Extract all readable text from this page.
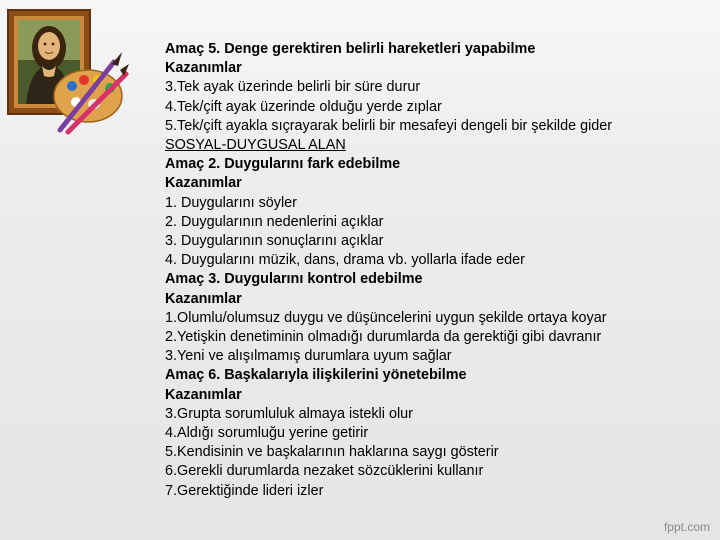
Amaç 5. Denge gerektiren belirli hareketleri yapabilme

Kazanımlar

3.Tek ayak üzerinde belirli bir süre durur

4.Tek/çift ayak üzerinde olduğu yerde zıplar

5.Tek/çift ayakla sıçrayarak belirli bir mesafeyi dengeli bir şekilde gider

SOSYAL-DUYGUSAL ALAN

Amaç 2. Duygularını fark edebilme

Kazanımlar

1. Duygularını söyler

2. Duygularının nedenlerini açıklar

3. Duygularının sonuçlarını açıklar

4. Duygularını müzik, dans, drama vb. yollarla ifade eder

Amaç 3. Duygularını kontrol edebilme

Kazanımlar

1.Olumlu/olumsuz duygu ve düşüncelerini uygun şekilde ortaya koyar

2.Yetişkin denetiminin olmadığı durumlarda da gerektiği gibi davranır

3.Yeni ve alışılmamış durumlara uyum sağlar

Amaç 6. Başkalarıyla ilişkilerini yönetebilme

Kazanımlar

3.Grupta sorumluluk almaya istekli olur

4.Aldığı sorumluğu yerine getirir

5.Kendisinin ve başkalarının haklarına saygı gösterir

6.Gerekli durumlarda nezaket sözcüklerini kullanır

7.Gerektiğinde lideri izler

fppt.com
